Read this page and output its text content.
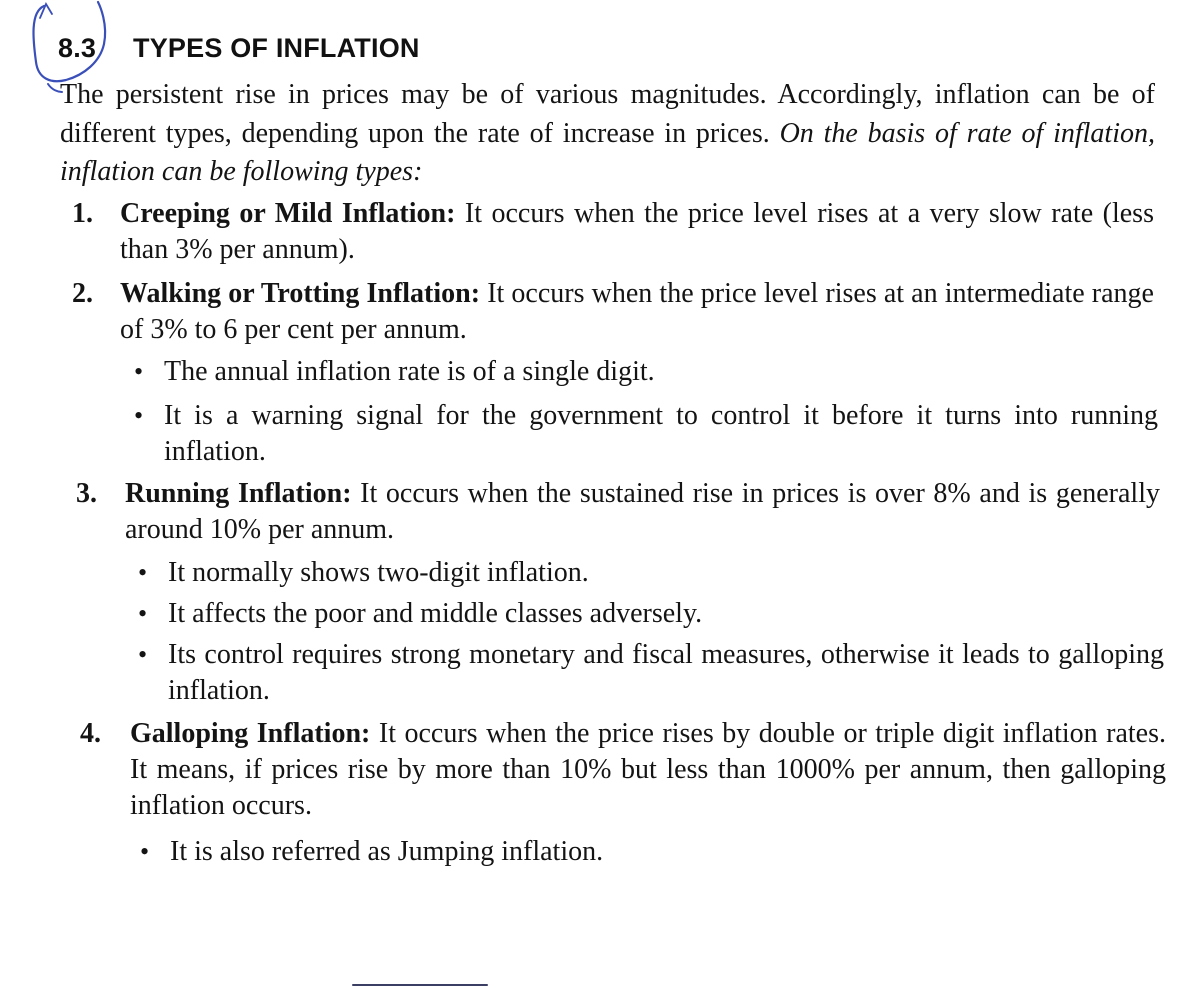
8.3 TYPES OF INFLATION
The persistent rise in prices may be of various magnitudes. Accordingly, inflation can be of different types, depending upon the rate of increase in prices. On the basis of rate of inflation, inflation can be following types:
1. Creeping or Mild Inflation: It occurs when the price level rises at a very slow rate (less than 3% per annum).
2. Walking or Trotting Inflation: It occurs when the price level rises at an intermediate range of 3% to 6 per cent per annum.
• The annual inflation rate is of a single digit.
• It is a warning signal for the government to control it before it turns into running inflation.
3. Running Inflation: It occurs when the sustained rise in prices is over 8% and is generally around 10% per annum.
• It normally shows two-digit inflation.
• It affects the poor and middle classes adversely.
• Its control requires strong monetary and fiscal measures, otherwise it leads to galloping inflation.
4. Galloping Inflation: It occurs when the price rises by double or triple digit inflation rates. It means, if prices rise by more than 10% but less than 1000% per annum, then galloping inflation occurs.
• It is also referred as Jumping inflation.
